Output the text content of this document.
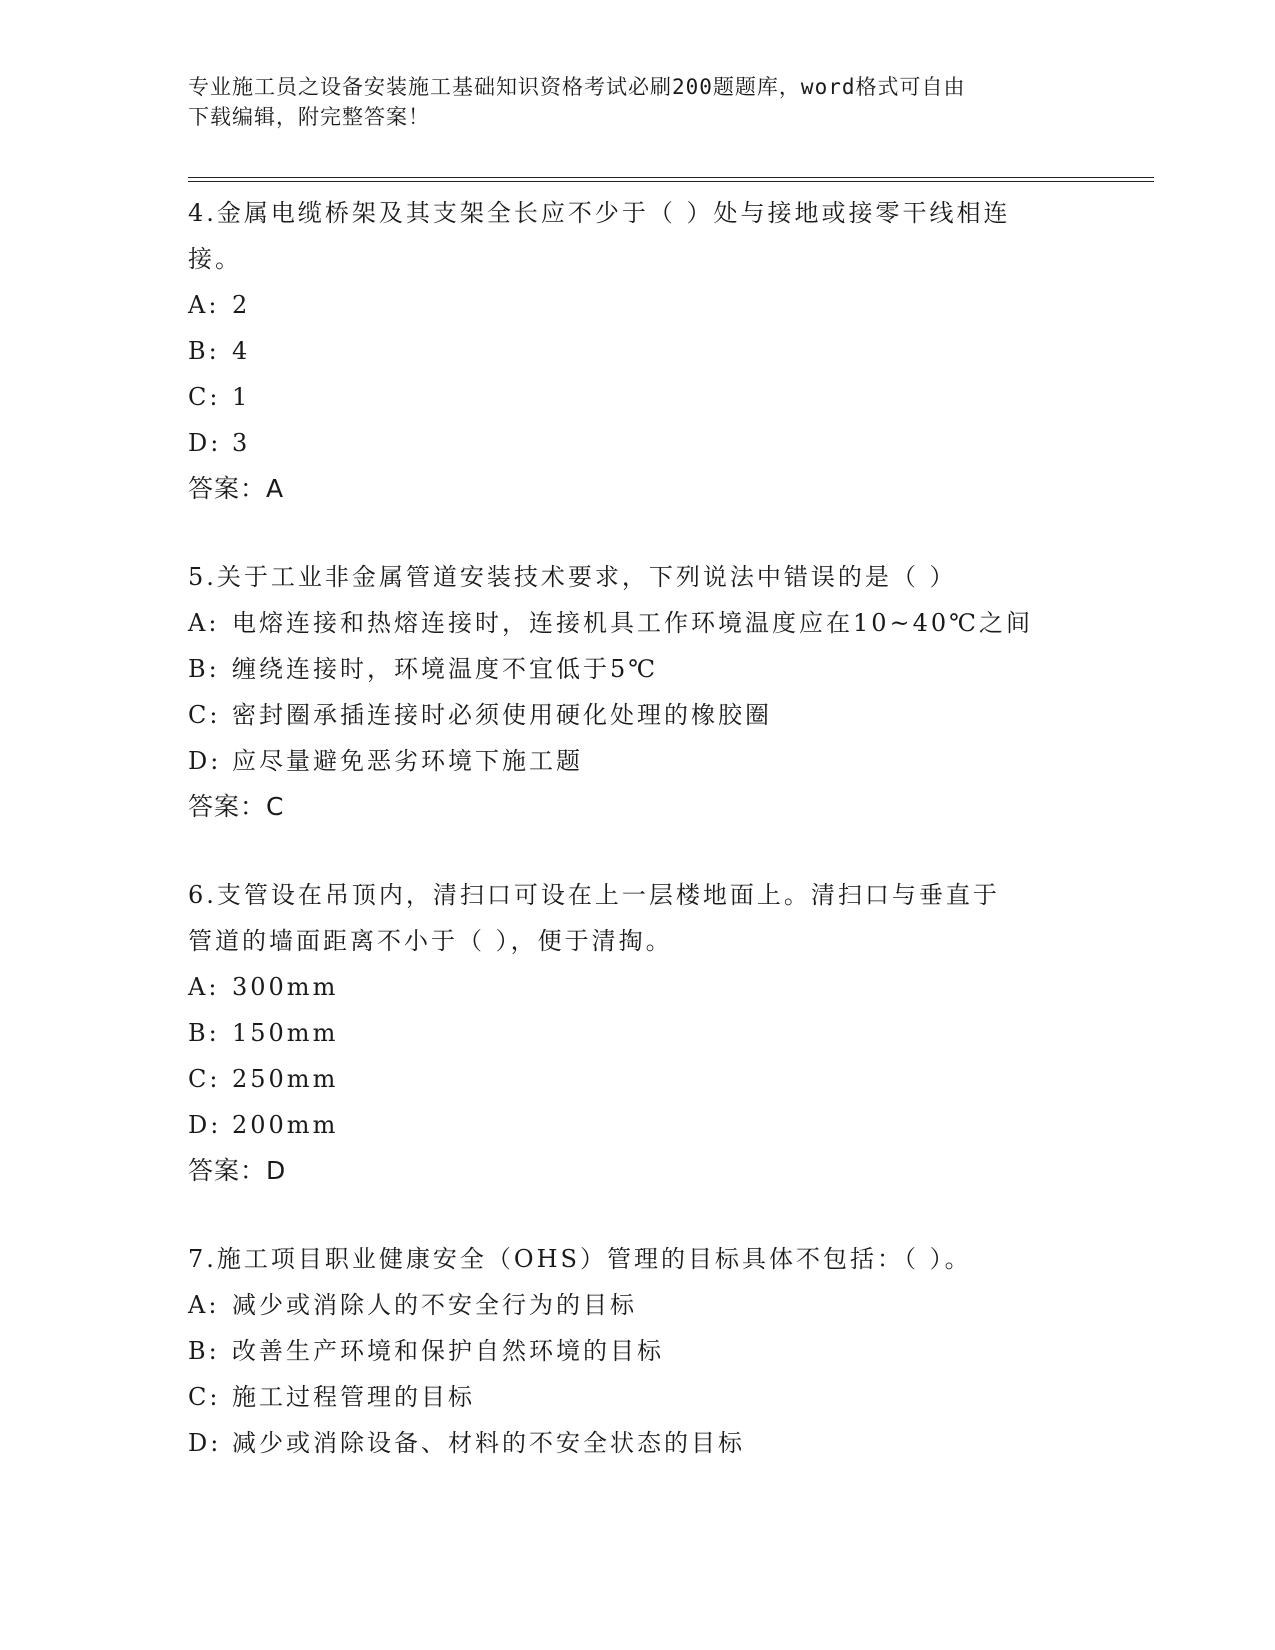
专业施工员之设备安装施工基础知识资格考试必刷200题题库，word格式可自由
下载编辑，附完整答案！

4.金属电缆桥架及其支架全长应不少于（ ）处与接地或接零干线相连

接。

A: 2

B: 4

C: 1

D: 3

答案：A

5.关于工业非金属管道安装技术要求，下列说法中错误的是（ ）

A: 电熔连接和热熔连接时，连接机具工作环境温度应在10~40℃之间

B: 缠绕连接时，环境温度不宜低于5℃

C: 密封圈承插连接时必须使用硬化处理的橡胶圈

D: 应尽量避免恶劣环境下施工题

答案：C

6.支管设在吊顶内，清扫口可设在上一层楼地面上。清扫口与垂直于

管道的墙面距离不小于（ ），便于清掏。

A: 300mm

B: 150mm

C: 250mm

D: 200mm

答案：D

7.施工项目职业健康安全（OHS）管理的目标具体不包括：（ ）。

A: 减少或消除人的不安全行为的目标

B: 改善生产环境和保护自然环境的目标

C: 施工过程管理的目标

D: 减少或消除设备、材料的不安全状态的目标
